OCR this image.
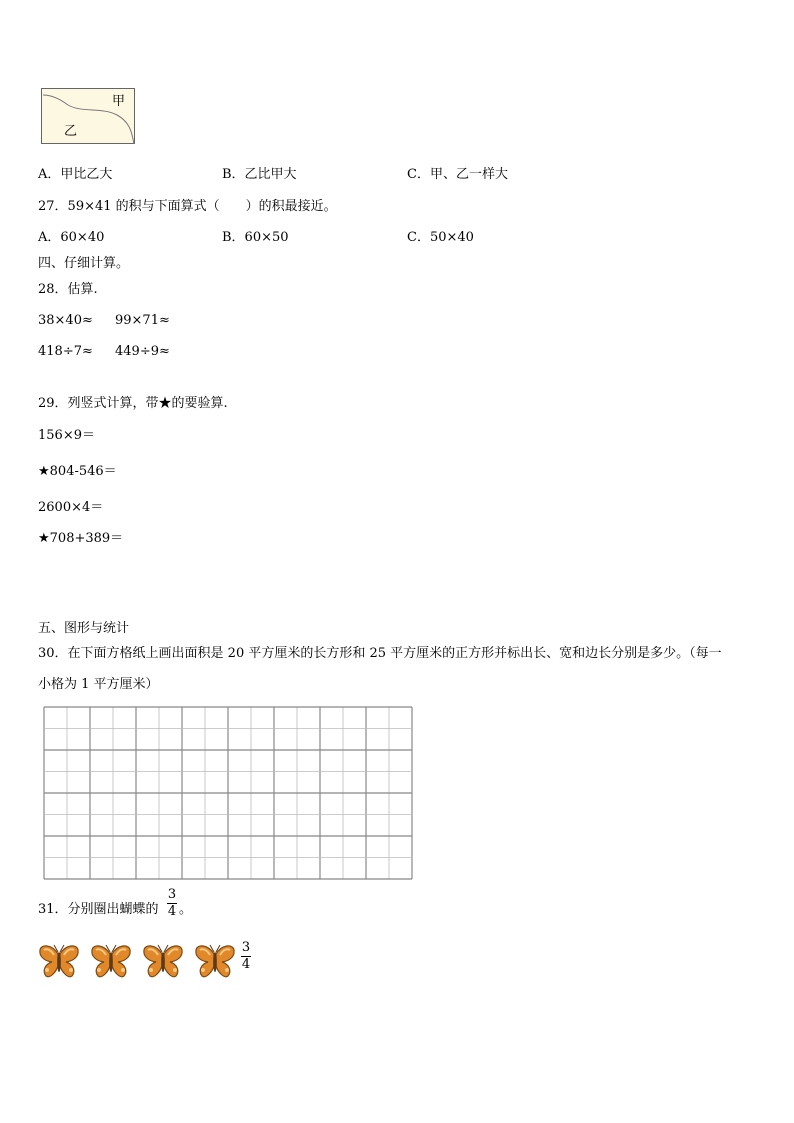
甲
乙
A．甲比乙大	B．乙比甲大	C．甲、乙一样大
27．59×41 的积与下面算式（　　）的积最接近。
A．60×40	B．60×50	C．50×40
四、仔细计算。
28．估算.
38×40≈ 99×71≈
418÷7≈ 449÷9≈
29．列竖式计算，带★的要验算.
156×9＝
★804-546＝
2600×4＝
★708+389＝
五、图形与统计
30．在下面方格纸上画出面积是 20 平方厘米的长方形和 25 平方厘米的正方形并标出长、宽和边长分别是多少。（每一
小格为 1 平方厘米）
31．分别圈出蝴蝶的
3
4 。
3
4
